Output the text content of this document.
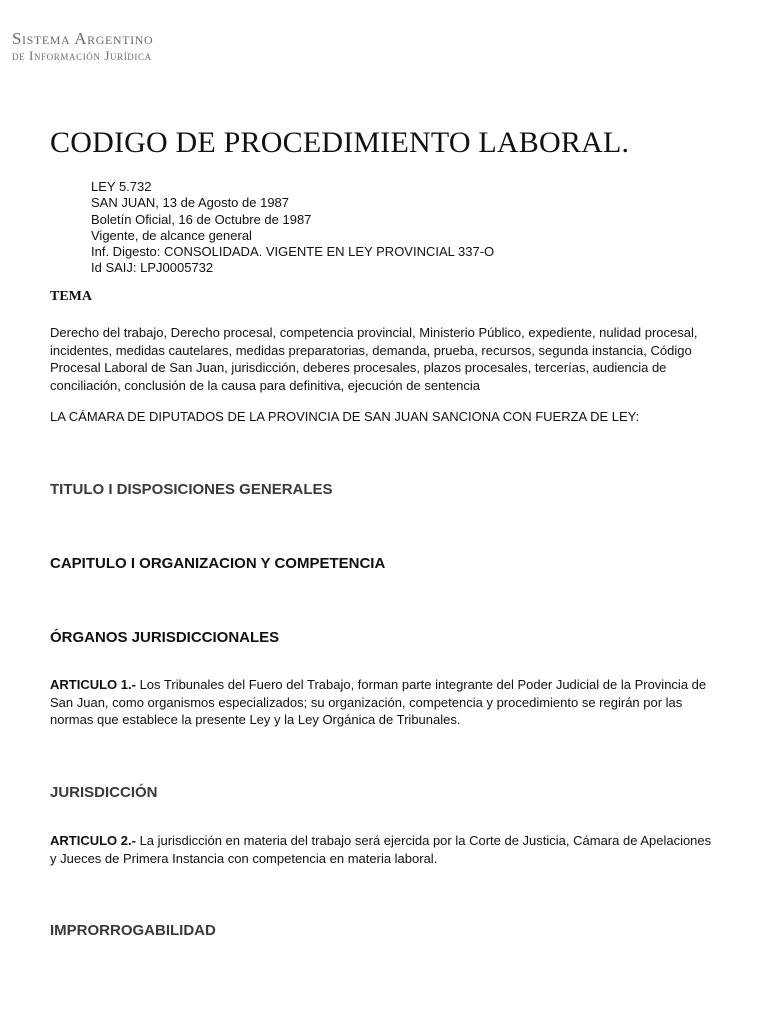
Sistema Argentino
de Información Jurídica
CODIGO DE PROCEDIMIENTO LABORAL.
LEY 5.732
SAN JUAN, 13 de Agosto de 1987
Boletín Oficial, 16 de Octubre de 1987
Vigente, de alcance general
Inf. Digesto: CONSOLIDADA. VIGENTE EN LEY PROVINCIAL 337-O
Id SAIJ: LPJ0005732
TEMA

Derecho del trabajo, Derecho procesal, competencia provincial, Ministerio Público, expediente, nulidad procesal, incidentes, medidas cautelares, medidas preparatorias, demanda, prueba, recursos, segunda instancia, Código Procesal Laboral de San Juan, jurisdicción, deberes procesales, plazos procesales, tercerías, audiencia de conciliación, conclusión de la causa para definitiva, ejecución de sentencia

LA CÁMARA DE DIPUTADOS DE LA PROVINCIA DE SAN JUAN SANCIONA CON FUERZA DE LEY:

TITULO I DISPOSICIONES GENERALES
CAPITULO I ORGANIZACION Y COMPETENCIA
ÓRGANOS JURISDICCIONALES

ARTICULO 1.- Los Tribunales del Fuero del Trabajo, forman parte integrante del Poder Judicial de la Provincia de San Juan, como organismos especializados; su organización, competencia y procedimiento se regirán por las normas que establece la presente Ley y la Ley Orgánica de Tribunales.

JURISDICCIÓN

ARTICULO 2.- La jurisdicción en materia del trabajo será ejercida por la Corte de Justicia, Cámara de Apelaciones y Jueces de Primera Instancia con competencia en materia laboral.

IMPRORROGABILIDAD
